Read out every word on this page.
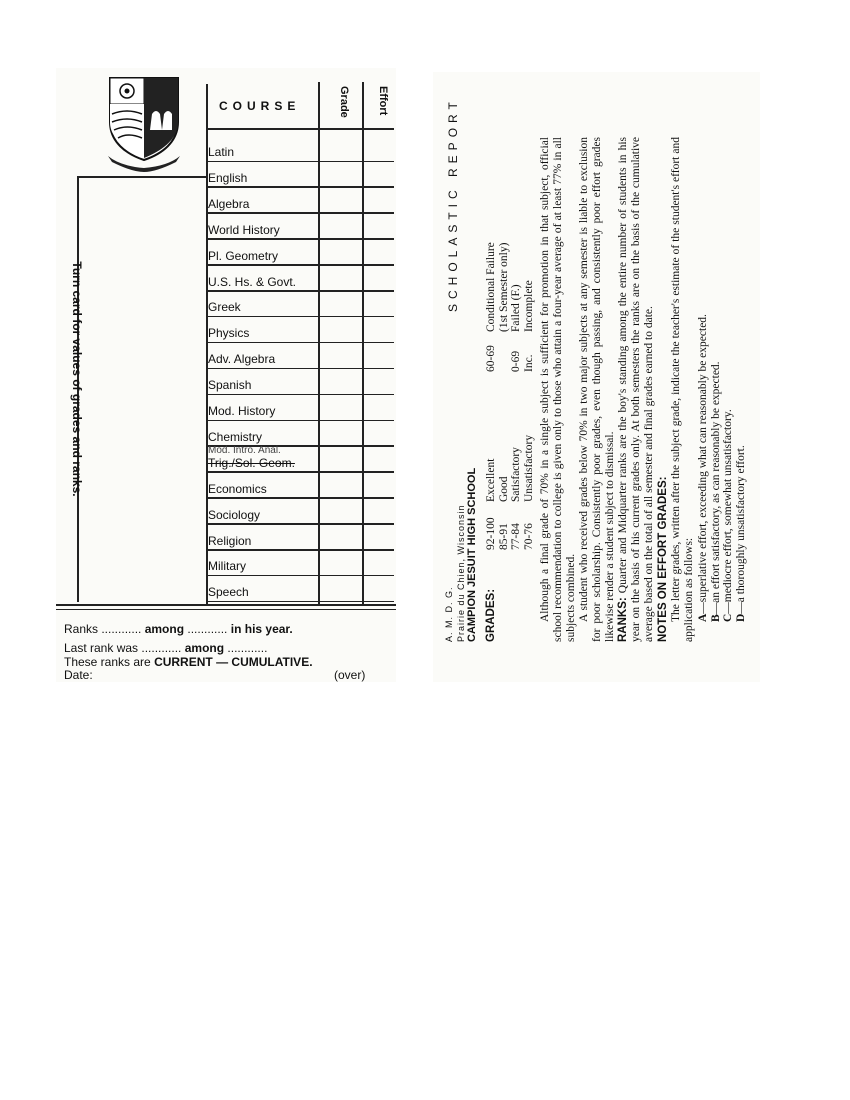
Turn card for values of grades and ranks.
COURSE	Grade Effort
Latin
English
Algebra
World History
Pl. Geometry
U.S. Hs. & Govt.
Greek
Physics
Adv. Algebra
Spanish
Mod. History
Chemistry
Mod. Intro. Anal.
Trig./Sol. Geom.
Economics
Sociology
Religion
Military
Speech
Ranks ............ among ............ in his year.
Last rank was ............ among ............
These ranks are CURRENT — CUMULATIVE.
Date:	(over)
A. M. D. G. Prairie du Chien, Wisconsin CAMPION JESUIT HIGH SCHOOL
SCHOLASTIC REPORT
GRADES:
92-100Excellent
85-91Good
77-84Satisfactory
70-76Unsatisfactory
60-69Conditional Failure (1st Semester only)
0-69Failed (F.)
Inc.Incomplete Although a final grade of 70% in a single subject is sufficient for promotion in that subject, official school recommendation to college is given only to those who attain a four-year average of at least 77% in all subjects combined. A student who received grades below 70% in two major subjects at any semester is liable to exclusion for poor scholarship. Consistently poor grades, even though passing, and consistently poor effort grades likewise render a student subject to dismissal. RANKS: Quarter and Midquarter ranks are the boy's standing among the entire number of students in his year on the basis of his current grades only. At both semesters the ranks are on the basis of the cumulative average based on the total of all semester and final grades earned to date. NOTES ON EFFORT GRADES: The letter grades, written after the subject grade, indicate the teacher's estimate of the student's effort and application as follows: A—superlative effort, exceeding what can reasonably be expected.
B—an effort satisfactory, as can reasonably be expected.
C—mediocre effort, somewhat unsatisfactory.
D—a thoroughly unsatisfactory effort.
